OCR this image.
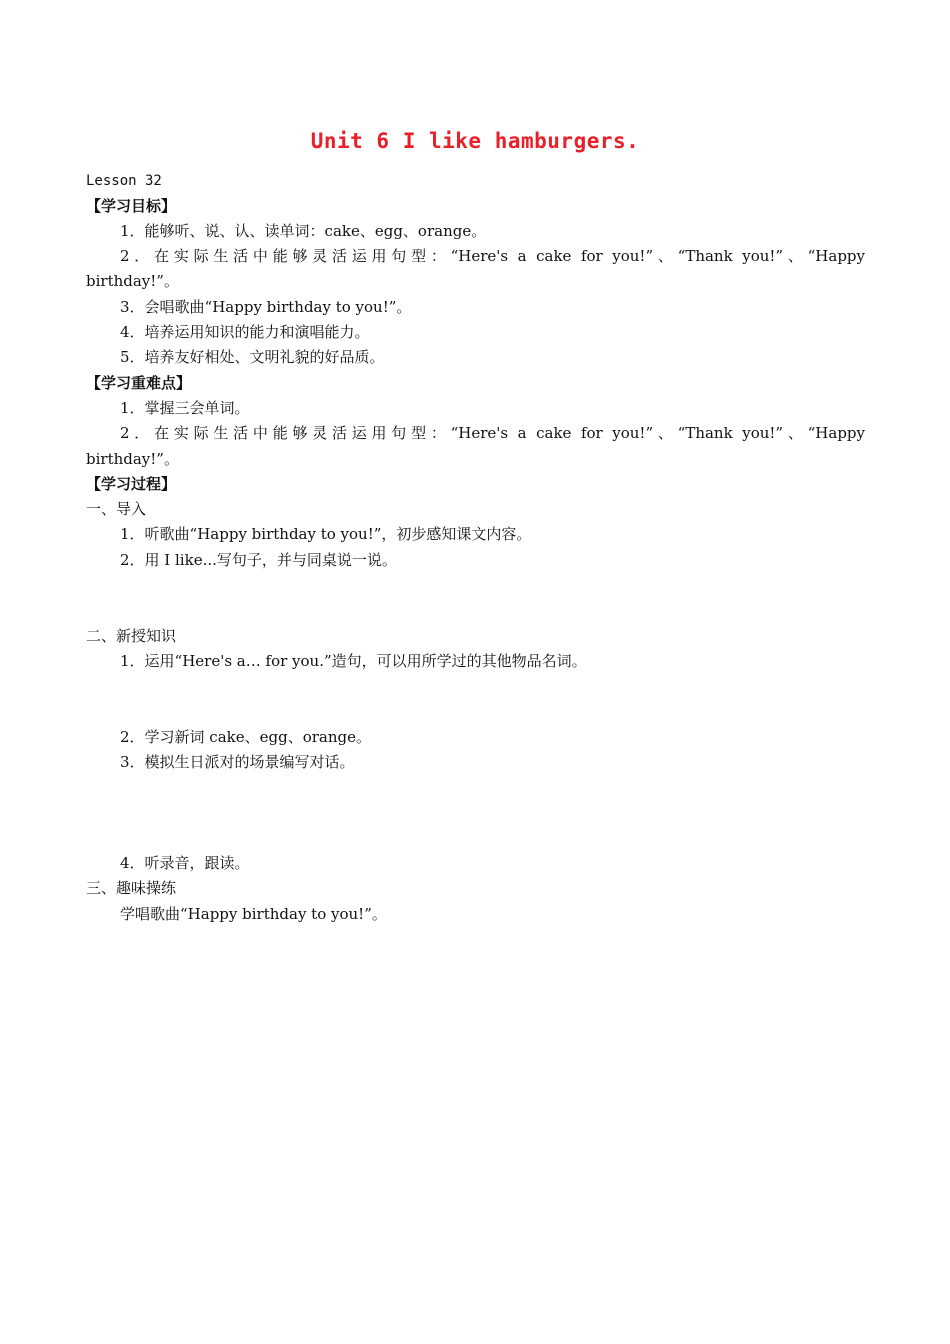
Unit 6 I like hamburgers.
Lesson 32
【学习目标】
1．能够听、说、认、读单词：cake、egg、orange。
2．在实际生活中能够灵活运用句型：“Here's a cake for you!”、“Thank you!”、“Happy
birthday!”。
3．会唱歌曲“Happy birthday to you!”。
4．培养运用知识的能力和演唱能力。
5．培养友好相处、文明礼貌的好品质。
【学习重难点】
1．掌握三会单词。
2．在实际生活中能够灵活运用句型：“Here's a cake for you!”、“Thank you!”、“Happy
birthday!”。
【学习过程】
一、导入
1．听歌曲“Happy birthday to you!”，初步感知课文内容。
2．用 I like...写句子，并与同桌说一说。
二、新授知识
1．运用“Here's a… for you.”造句，可以用所学过的其他物品名词。
2．学习新词 cake、egg、orange。
3．模拟生日派对的场景编写对话。
4．听录音，跟读。
三、趣味操练
学唱歌曲“Happy birthday to you!”。
